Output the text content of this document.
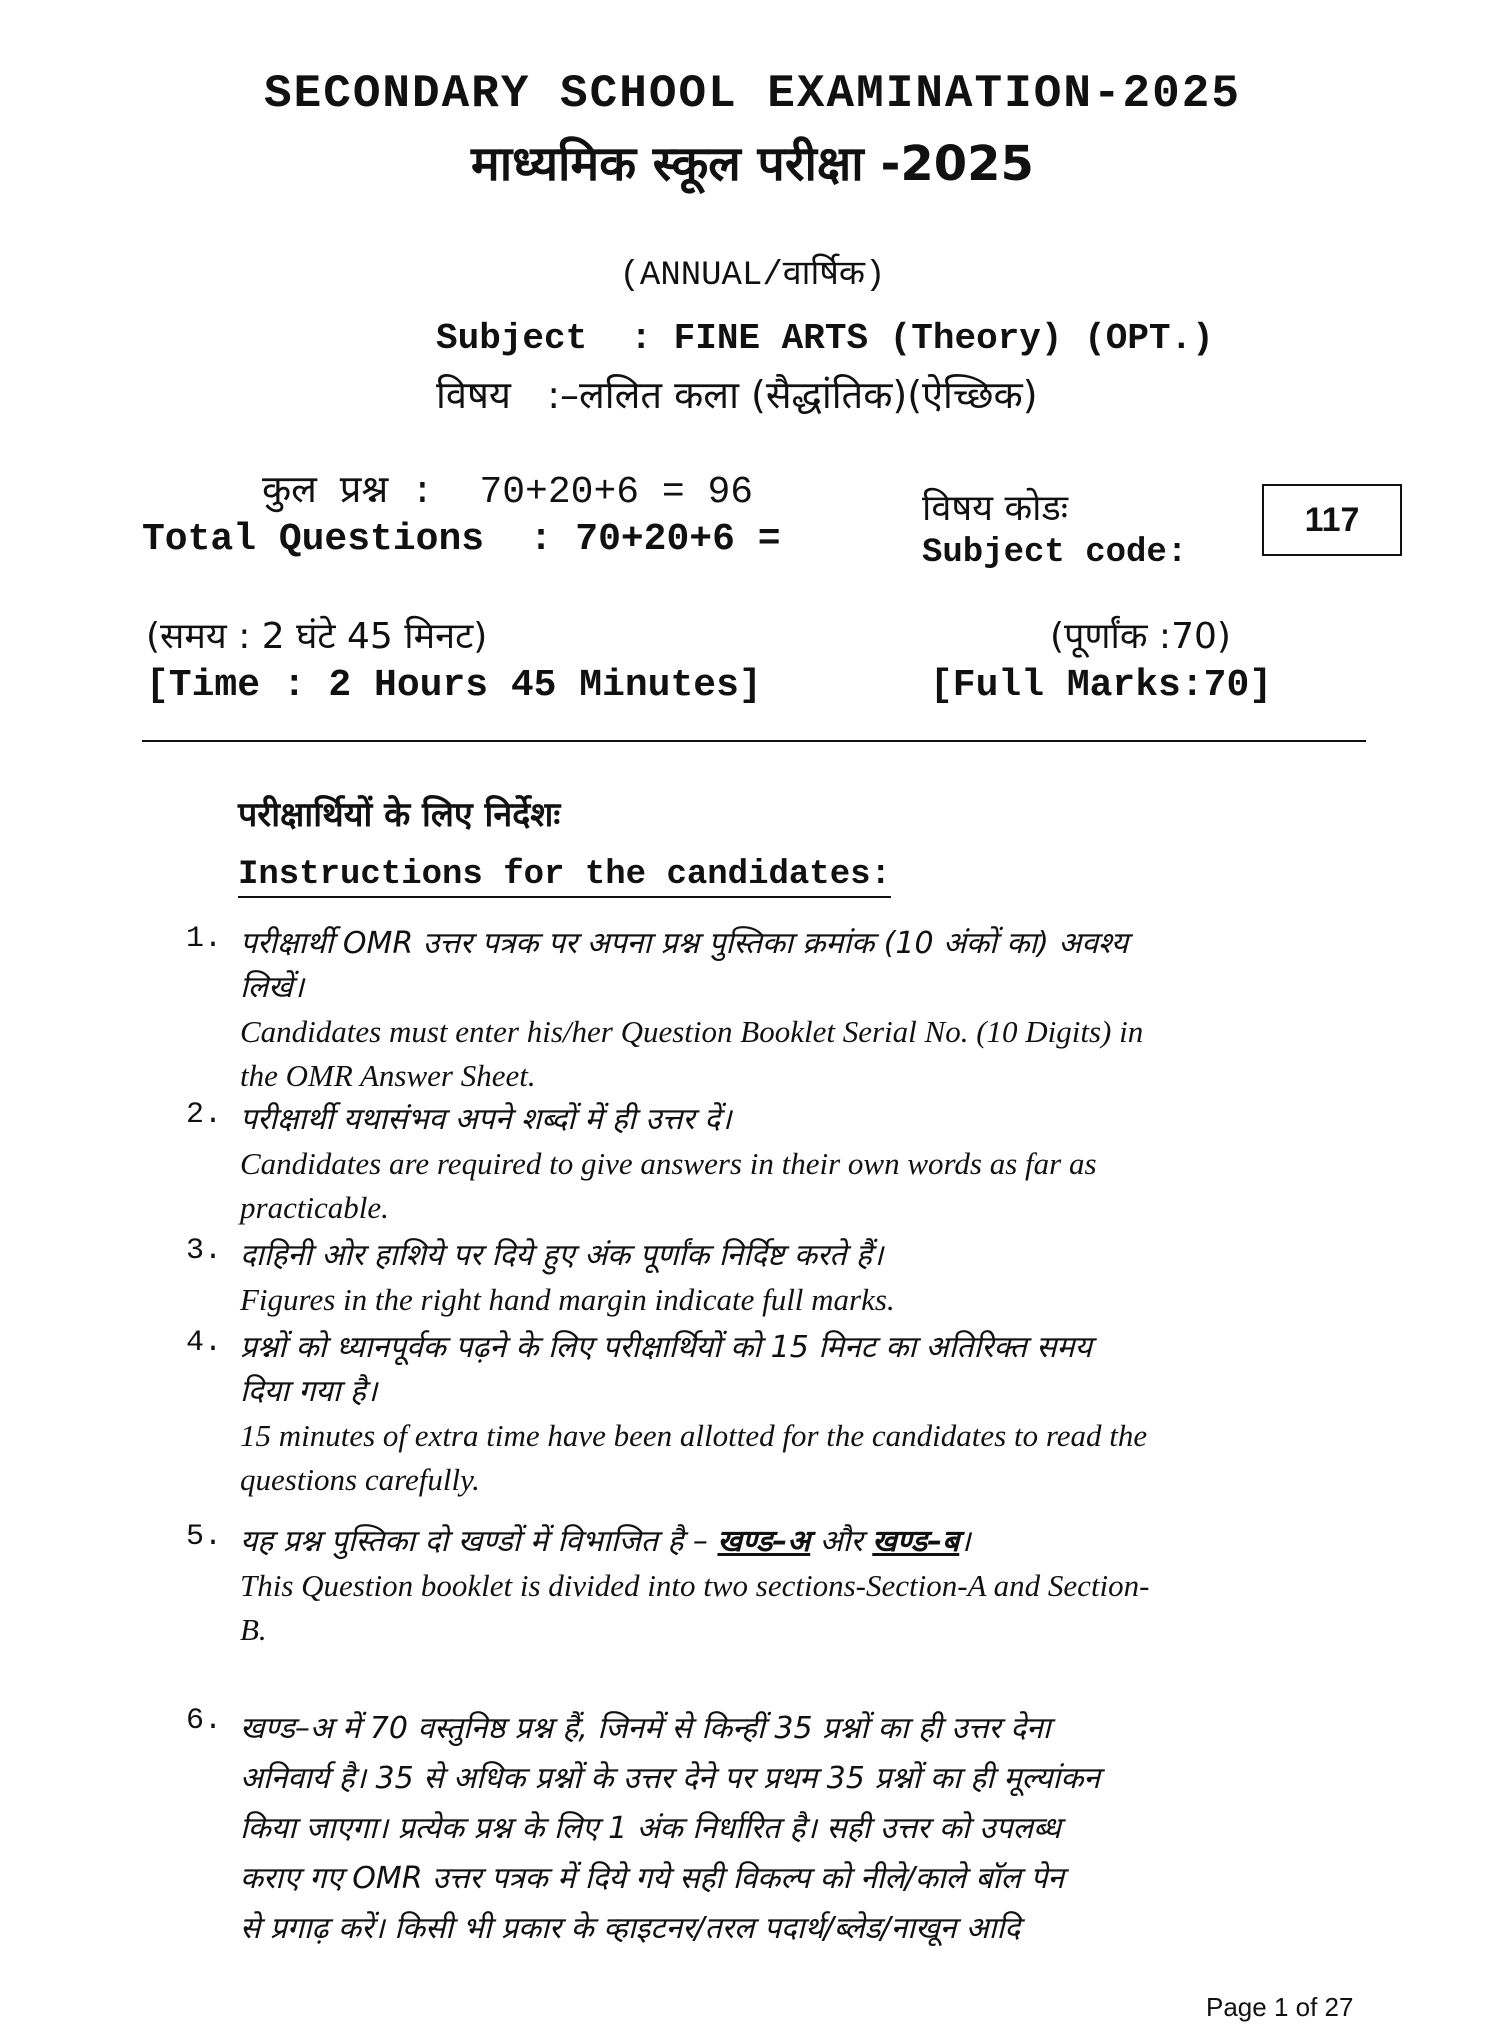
SECONDARY SCHOOL EXAMINATION-2025
माध्यमिक स्कूल परीक्षा -2025
(ANNUAL/वार्षिक)
Subject  : FINE ARTS (Theory) (OPT.)
विषय   :–ललित कला (सैद्धांतिक)(ऐच्छिक)
कुल प्रश्न :  70+20+6 = 96
Total Questions  : 70+20+6 =
विषय कोडः
Subject code:
117
(समय : 2 घंटे 45 मिनट)
[Time : 2 Hours 45 Minutes]
(पूर्णांक :70)
[Full Marks:70]
परीक्षार्थियों के लिए निर्देशः
Instructions for the candidates:
1. परीक्षार्थी OMR उत्तर पत्रक पर अपना प्रश्न पुस्तिका क्रमांक (10 अंकों का) अवश्य
लिखें।
Candidates must enter his/her Question Booklet Serial No. (10 Digits) in
the OMR Answer Sheet.
2. परीक्षार्थी यथासंभव अपने शब्दों में ही उत्तर दें।
Candidates are required to give answers in their own words as far as
practicable.
3. दाहिनी ओर हाशिये पर दिये हुए अंक पूर्णांक निर्दिष्ट करते हैं।
Figures in the right hand margin indicate full marks.
4. प्रश्नों को ध्यानपूर्वक पढ़ने के लिए परीक्षार्थियों को 15 मिनट का अतिरिक्त समय
दिया गया है।
15 minutes of extra time have been allotted for the candidates to read the
questions carefully.
5. यह प्रश्न पुस्तिका दो खण्डों में विभाजित है – खण्ड–अ और खण्ड–ब।
This Question booklet is divided into two sections-Section-A and Section-
B.
6. खण्ड–अ में 70 वस्तुनिष्ठ प्रश्न हैं, जिनमें से किन्हीं 35 प्रश्नों का ही उत्तर देना
अनिवार्य है। 35 से अधिक प्रश्नों के उत्तर देने पर प्रथम 35 प्रश्नों का ही मूल्यांकन
किया जाएगा। प्रत्येक प्रश्न के लिए 1 अंक निर्धारित है। सही उत्तर को उपलब्ध
कराए गए OMR उत्तर पत्रक में दिये गये सही विकल्प को नीले/काले बॉल पेन
से प्रगाढ़ करें। किसी भी प्रकार के व्हाइटनर/तरल पदार्थ/ब्लेड/नाखून आदि
Page 1 of 27
